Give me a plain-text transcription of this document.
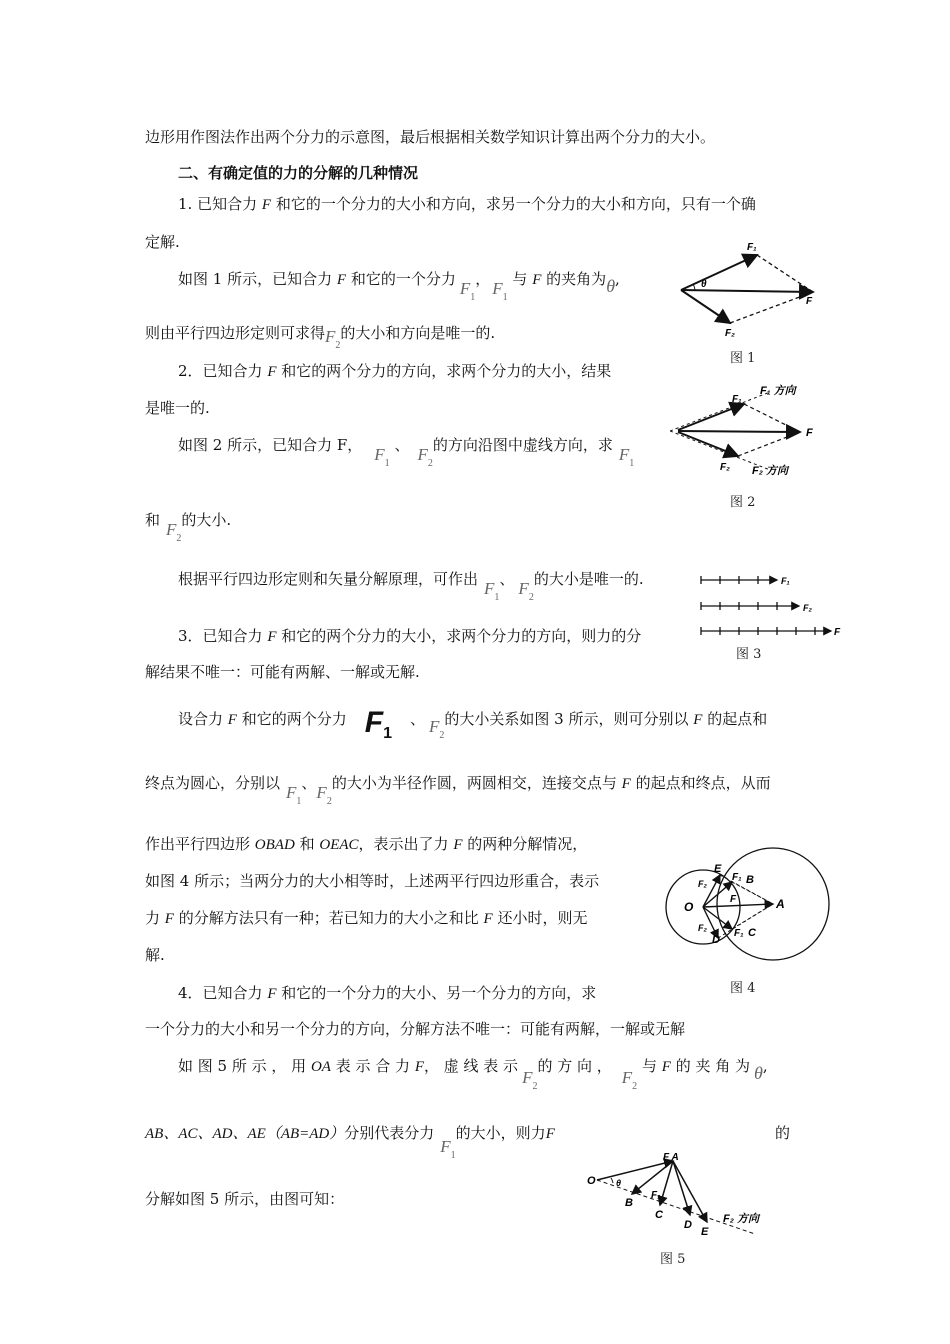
边形用作图法作出两个分力的示意图，最后根据相关数学知识计算出两个分力的大小。
二、有确定值的力的分解的几种情况
1. 已知合力 F 和它的一个分力的大小和方向，求另一个分力的大小和方向，只有一个确
定解.
如图 1 所示，已知合力 F 和它的一个分力 $F_1$， $F_1$ 与 F 的夹角为θ,
则由平行四边形定则可求得$F_2$的大小和方向是唯一的.
2．已知合力 F 和它的两个分力的方向，求两个分力的大小，结果
是唯一的.
如图 2 所示，已知合力 F， $F_1$ 、 $F_2$的方向沿图中虚线方向，求 $F_1$
和 $F_2$的大小.
根据平行四边形定则和矢量分解原理，可作出 $F_1$、 $F_2$的大小是唯一的.
3．已知合力 F 和它的两个分力的大小，求两个分力的方向，则力的分
解结果不唯一：可能有两解、一解或无解.
设合力 F 和它的两个分力 F1、 $F_2$的大小关系如图 3 所示，则可分别以 F 的起点和
终点为圆心，分别以 $F_1$、$F_2$的大小为半径作圆，两圆相交，连接交点与 F 的起点和终点，从而
作出平行四边形 OBAD 和 OEAC，表示出了力 F 的两种分解情况，
如图 4 所示；当两分力的大小相等时，上述两平行四边形重合，表示
力 F 的分解方法只有一种；若已知力的大小之和比 F 还小时，则无
解.
4．已知合力 F 和它的一个分力的大小、另一个分力的方向，求
一个分力的大小和另一个分力的方向，分解方法不唯一：可能有两解，一解或无解
如 图 5 所 示 ， 用 OA 表 示 合 力 F， 虚 线 表 示$F_2$的 方 向 ，$F_2$ 与 F 的 夹 角 为 θ,
AB、AC、AD、AE（AB=AD）分别代表分力$F_1$的大小，则力F	的
分解如图 5 所示，由图可知：
F₁
θ
F
F₂
图 1
F₁ 方向
F₁
F
F₂ F₂ 方向
图 2
F₁
F₂
F
图 3
O
E
F₂
F₁ B
F	A
F₂	F₁ C
D
图 4
O θ
F A
F₁
B
C
D
E
F₂ 方向
图 5
